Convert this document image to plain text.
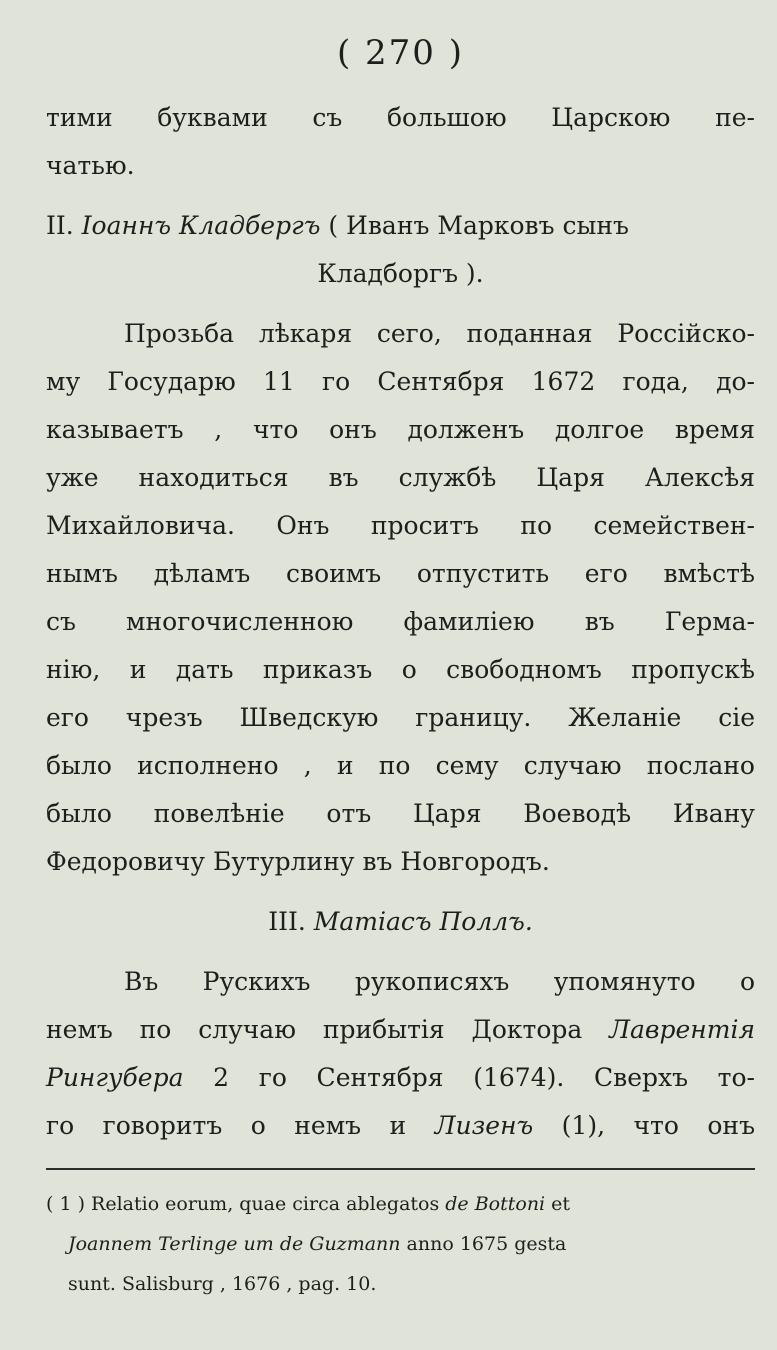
( 270 )

тими буквами съ большою Царскою пе-

чатью.

II. Іоаннъ Кладбергъ ( Иванъ Марковъ сынъ
Кладборгъ ).

Прозьба лѣкаря сего, поданная Россійско-

му Государю 11 го Сентября 1672 года, до-

казываетъ , что онъ долженъ долгое время

уже находиться въ службѣ Царя Алексѣя

Михайловича. Онъ проситъ по семействен-

нымъ дѣламъ своимъ отпустить его вмѣстѣ

съ многочисленною фамиліею въ Герма-

нію, и дать приказъ о свободномъ пропускѣ

его чрезъ Шведскую границу. Желаніе сіе

было исполнено , и по сему случаю послано

было повелѣніе отъ Царя Воеводѣ Ивану

Федоровичу Бутурлину въ Новгородъ.

III. Матіасъ Поллъ.

Въ Рускихъ рукописяхъ упомянуто о

немъ по случаю прибытія Доктора Лаврентія

Рингубера 2 го Сентября (1674). Сверхъ то-

го говоритъ о немъ и Лизенъ (1), что онъ

( 1 ) Relatio eorum, quae circa ablegatos de Bottoni et

Joannem Terlinge um de Guzmann anno 1675 gesta

sunt. Salisburg , 1676 , pag. 10.
